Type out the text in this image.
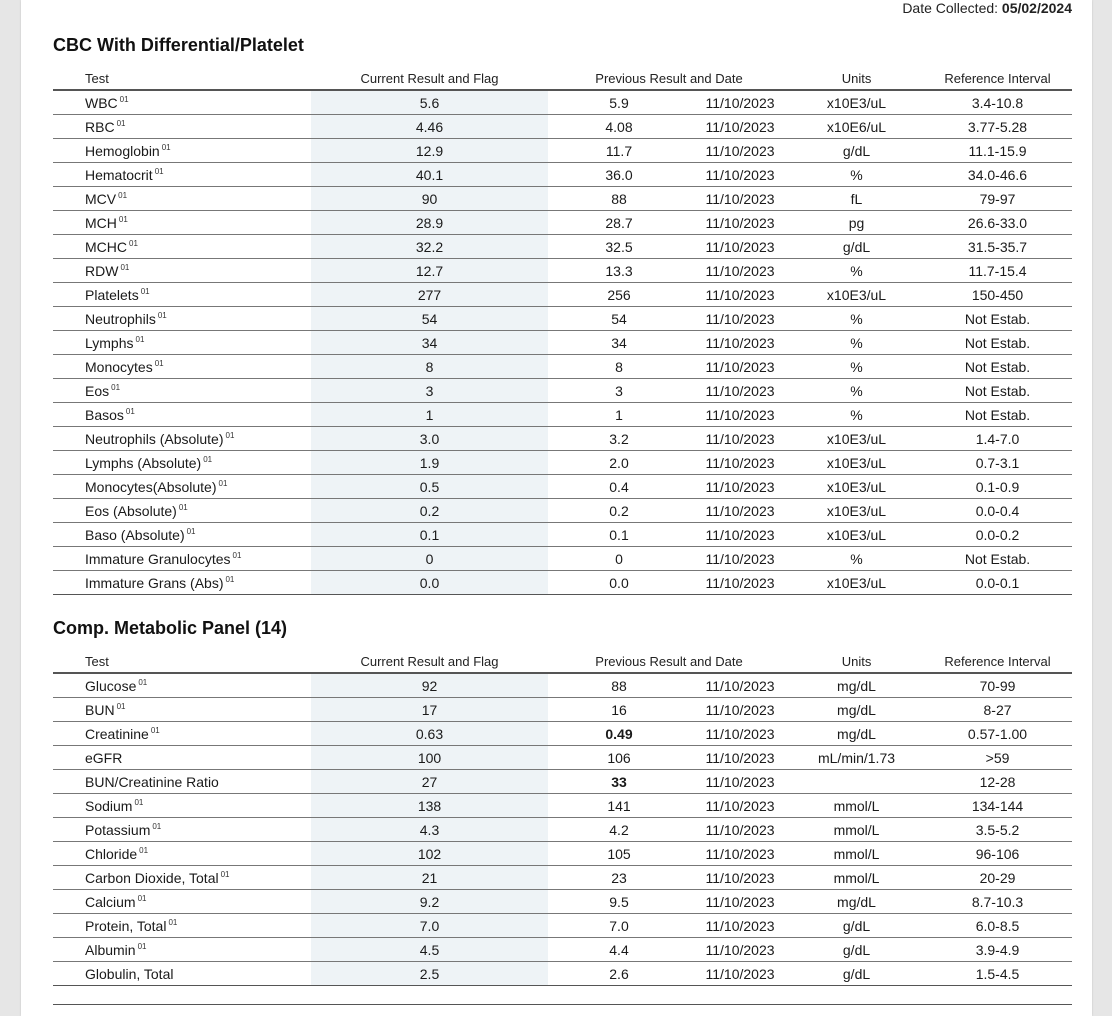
Date Collected: 05/02/2024
CBC With Differential/Platelet
Test	Current Result and Flag	Previous Result and Date		Units	Reference Interval
WBC $^{01}$	5.6	5.9	11/10/2023	x10E3/uL	3.4-10.8
RBC $^{01}$	4.46	4.08	11/10/2023	x10E6/uL	3.77-5.28
Hemoglobin $^{01}$	12.9	11.7	11/10/2023	g/dL	11.1-15.9
Hematocrit $^{01}$	40.1	36.0	11/10/2023	%	34.0-46.6
MCV $^{01}$	90	88	11/10/2023	fL	79-97
MCH $^{01}$	28.9	28.7	11/10/2023	pg	26.6-33.0
MCHC $^{01}$	32.2	32.5	11/10/2023	g/dL	31.5-35.7
RDW $^{01}$	12.7	13.3	11/10/2023	%	11.7-15.4
Platelets $^{01}$	277	256	11/10/2023	x10E3/uL	150-450
Neutrophils $^{01}$	54	54	11/10/2023	%	Not Estab.
Lymphs $^{01}$	34	34	11/10/2023	%	Not Estab.
Monocytes $^{01}$	8	8	11/10/2023	%	Not Estab.
Eos $^{01}$	3	3	11/10/2023	%	Not Estab.
Basos $^{01}$	1	1	11/10/2023	%	Not Estab.
Neutrophils (Absolute) $^{01}$	3.0	3.2	11/10/2023	x10E3/uL	1.4-7.0
Lymphs (Absolute) $^{01}$	1.9	2.0	11/10/2023	x10E3/uL	0.7-3.1
Monocytes(Absolute) $^{01}$	0.5	0.4	11/10/2023	x10E3/uL	0.1-0.9
Eos (Absolute) $^{01}$	0.2	0.2	11/10/2023	x10E3/uL	0.0-0.4
Baso (Absolute) $^{01}$	0.1	0.1	11/10/2023	x10E3/uL	0.0-0.2
Immature Granulocytes $^{01}$	0	0	11/10/2023	%	Not Estab.
Immature Grans (Abs) $^{01}$	0.0	0.0	11/10/2023	x10E3/uL	0.0-0.1
Comp. Metabolic Panel (14)
Test	Current Result and Flag	Previous Result and Date		Units	Reference Interval
Glucose $^{01}$	92	88	11/10/2023	mg/dL	70-99
BUN $^{01}$	17	16	11/10/2023	mg/dL	8-27
Creatinine $^{01}$	0.63	0.49	11/10/2023	mg/dL	0.57-1.00
eGFR	100	106	11/10/2023	mL/min/1.73	>59
BUN/Creatinine Ratio	27	33	11/10/2023		12-28
Sodium $^{01}$	138	141	11/10/2023	mmol/L	134-144
Potassium $^{01}$	4.3	4.2	11/10/2023	mmol/L	3.5-5.2
Chloride $^{01}$	102	105	11/10/2023	mmol/L	96-106
Carbon Dioxide, Total $^{01}$	21	23	11/10/2023	mmol/L	20-29
Calcium $^{01}$	9.2	9.5	11/10/2023	mg/dL	8.7-10.3
Protein, Total $^{01}$	7.0	7.0	11/10/2023	g/dL	6.0-8.5
Albumin $^{01}$	4.5	4.4	11/10/2023	g/dL	3.9-4.9
Globulin, Total	2.5	2.6	11/10/2023	g/dL	1.5-4.5
